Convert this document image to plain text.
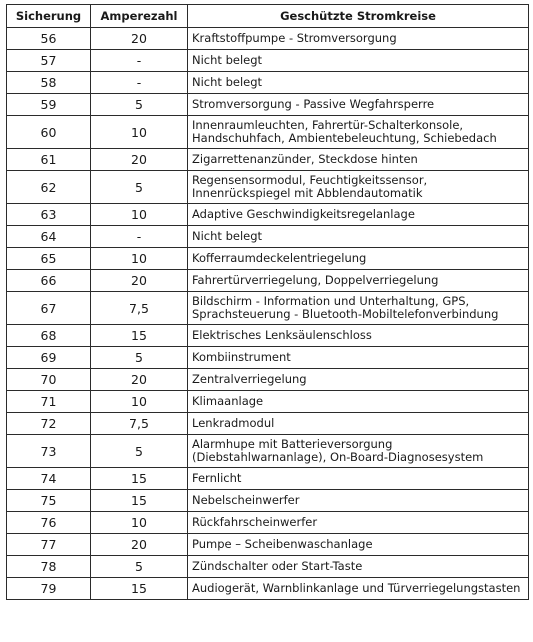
Sicherung	Amperezahl	Geschützte Stromkreise
56	20	Kraftstoffpumpe - Stromversorgung
57	-	Nicht belegt
58	-	Nicht belegt
59	5	Stromversorgung - Passive Wegfahrsperre
60	10	Innenraumleuchten, Fahrertür-Schalterkonsole, Handschuhfach, Ambientebeleuchtung, Schiebedach
61	20	Zigarrettenanzünder, Steckdose hinten
62	5	Regensensormodul, Feuchtigkeitssensor, Innenrückspiegel mit Abblendautomatik
63	10	Adaptive Geschwindigkeitsregelanlage
64	-	Nicht belegt
65	10	Kofferraumdeckelentriegelung
66	20	Fahrertürverriegelung, Doppelverriegelung
67	7,5	Bildschirm - Information und Unterhaltung, GPS, Sprachsteuerung - Bluetooth-Mobiltelefonverbindung
68	15	Elektrisches Lenksäulenschloss
69	5	Kombiinstrument
70	20	Zentralverriegelung
71	10	Klimaanlage
72	7,5	Lenkradmodul
73	5	Alarmhupe mit Batterieversorgung (Diebstahlwarnanlage), On-Board-Diagnosesystem
74	15	Fernlicht
75	15	Nebelscheinwerfer
76	10	Rückfahrscheinwerfer
77	20	Pumpe – Scheibenwaschanlage
78	5	Zündschalter oder Start-Taste
79	15	Audiogerät, Warnblinkanlage und Türverriegelungstasten
